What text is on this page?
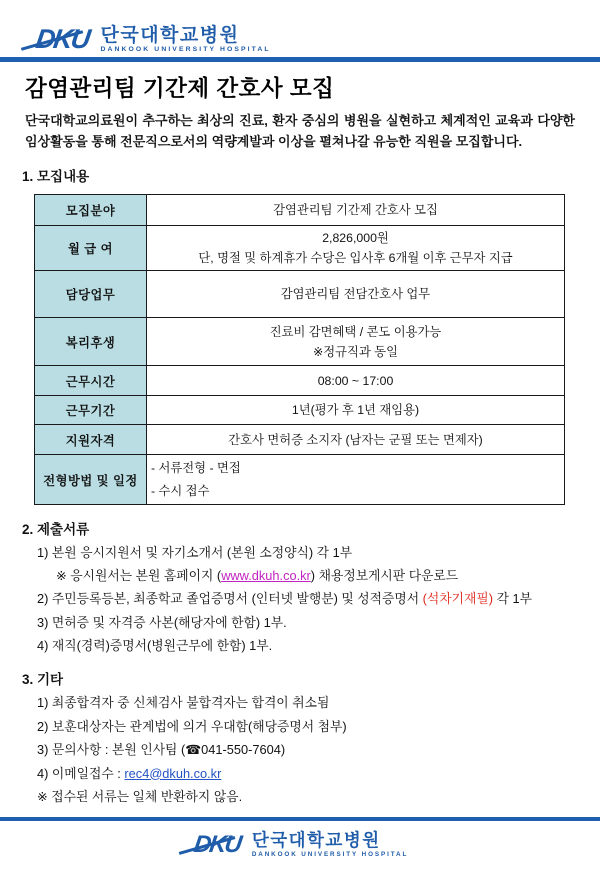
DKU 단국대학교병원
DANKOOK UNIVERSITY HOSPITAL
감염관리팀 기간제 간호사 모집

단국대학교의료원이 추구하는 최상의 진료, 환자 중심의 병원을 실현하고 체계적인 교육과 다양한 임상활동을 통해 전문직으로서의 역량계발과 이상을 펼쳐나갈 유능한 직원을 모집합니다.

1. 모집내용
모집분야	감염관리팀 기간제 간호사 모집

월 급 여	2,826,000원
단, 명절 및 하계휴가 수당은 입사후 6개월 이후 근무자 지급

담당업무	감염관리팀 전담간호사 업무

복리후생	진료비 감면혜택 / 콘도 이용가능
※정규직과 동일

근무시간	08:00 ~ 17:00

근무기간	1년(평가 후 1년 재임용)

지원자격	간호사 면허증 소지자 (남자는 군필 또는 면제자)

전형방법 및 일정	- 서류전형 - 면접
- 수시 접수
2. 제출서류
1) 본원 응시지원서 및 자기소개서 (본원 소정양식) 각 1부
※ 응시원서는 본원 홈페이지 (www.dkuh.co.kr) 채용정보게시판 다운로드
2) 주민등록등본, 최종학교 졸업증명서 (인터넷 발행분) 및 성적증명서 (석차기재필) 각 1부
3) 면허증 및 자격증 사본(해당자에 한함) 1부.
4) 재직(경력)증명서(병원근무에 한함) 1부.
3. 기타
1) 최종합격자 중 신체검사 불합격자는 합격이 취소됨
2) 보훈대상자는 관계법에 의거 우대함(해당증명서 첨부)
3) 문의사항 : 본원 인사팀 (☎041-550-7604)
4) 이메일접수 : rec4@dkuh.co.kr
※ 접수된 서류는 일체 반환하지 않음.
DKU 단국대학교병원
DANKOOK UNIVERSITY HOSPITAL
